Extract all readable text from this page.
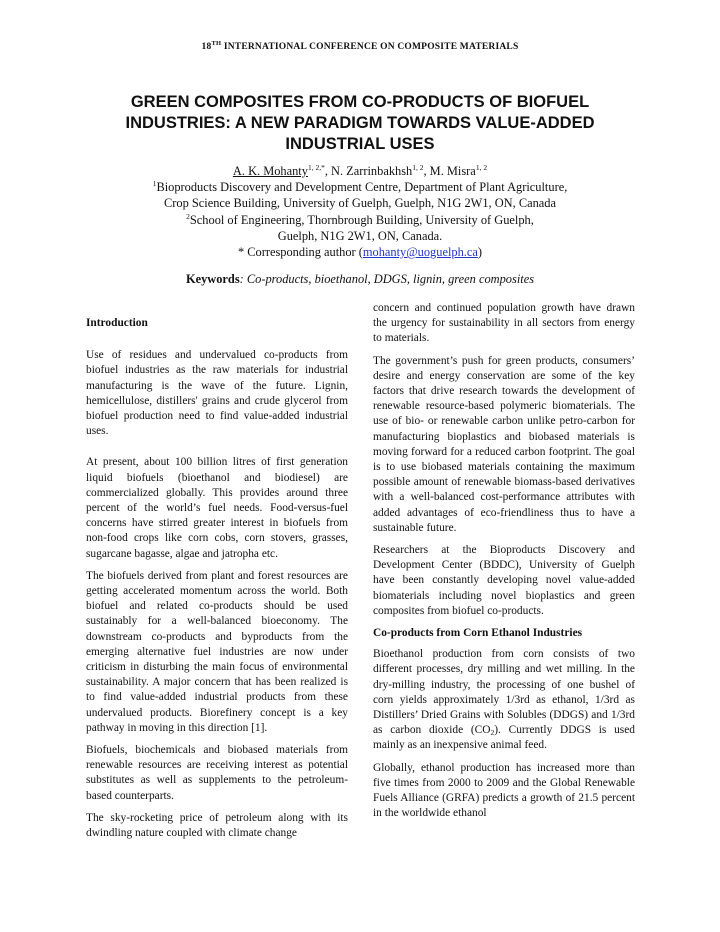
18TH INTERNATIONAL CONFERENCE ON COMPOSITE MATERIALS
GREEN COMPOSITES FROM CO-PRODUCTS OF BIOFUEL
INDUSTRIES: A NEW PARADIGM TOWARDS VALUE-ADDED
INDUSTRIAL USES
A. K. Mohanty$^{1, 2,*}$, N. Zarrinbakhsh$^{1, 2}$, M. Misra$^{1, 2}$
$^1$Bioproducts Discovery and Development Centre, Department of Plant Agriculture,
Crop Science Building, University of Guelph, Guelph, N1G 2W1, ON, Canada
$^2$School of Engineering, Thornbrough Building, University of Guelph,
Guelph, N1G 2W1, ON, Canada.
* Corresponding author (mohanty@uoguelph.ca)
Keywords: Co-products, bioethanol, DDGS, lignin, green composites
Introduction

Use of residues and undervalued co-products from biofuel industries as the raw materials for industrial manufacturing is the wave of the future. Lignin, hemicellulose, distillers' grains and crude glycerol from biofuel production need to find value-added industrial uses.

At present, about 100 billion litres of first generation liquid biofuels (bioethanol and biodiesel) are commercialized globally. This provides around three percent of the world’s fuel needs. Food-versus-fuel concerns have stirred greater interest in biofuels from non-food crops like corn cobs, corn stovers, grasses, sugarcane bagasse, algae and jatropha etc.

The biofuels derived from plant and forest resources are getting accelerated momentum across the world. Both biofuel and related co-products should be used sustainably for a well-balanced bioeconomy. The downstream co-products and byproducts from the emerging alternative fuel industries are now under criticism in disturbing the main focus of environmental sustainability. A major concern that has been realized is to find value-added industrial products from these undervalued products. Biorefinery concept is a key pathway in moving in this direction [1].

Biofuels, biochemicals and biobased materials from renewable resources are receiving interest as potential substitutes as well as supplements to the petroleum-based counterparts.

The sky-rocketing price of petroleum along with its dwindling nature coupled with climate change

concern and continued population growth have drawn the urgency for sustainability in all sectors from energy to materials.

The government’s push for green products, consumers’ desire and energy conservation are some of the key factors that drive research towards the development of renewable resource-based polymeric biomaterials. The use of bio- or renewable carbon unlike petro-carbon for manufacturing bioplastics and biobased materials is moving forward for a reduced carbon footprint. The goal is to use biobased materials containing the maximum possible amount of renewable biomass-based derivatives with a well-balanced cost-performance attributes with added advantages of eco-friendliness thus to have a sustainable future.

Researchers at the Bioproducts Discovery and Development Center (BDDC), University of Guelph have been constantly developing novel value-added biomaterials including novel bioplastics and green composites from biofuel co-products.

Co-products from Corn Ethanol Industries

Bioethanol production from corn consists of two different processes, dry milling and wet milling. In the dry-milling industry, the processing of one bushel of corn yields approximately 1/3rd as ethanol, 1/3rd as Distillers’ Dried Grains with Solubles (DDGS) and 1/3rd as carbon dioxide $(CO_2)$. Currently DDGS is used mainly as an inexpensive animal feed.

Globally, ethanol production has increased more than five times from 2000 to 2009 and the Global Renewable Fuels Alliance (GRFA) predicts a growth of 21.5 percent in the worldwide ethanol
